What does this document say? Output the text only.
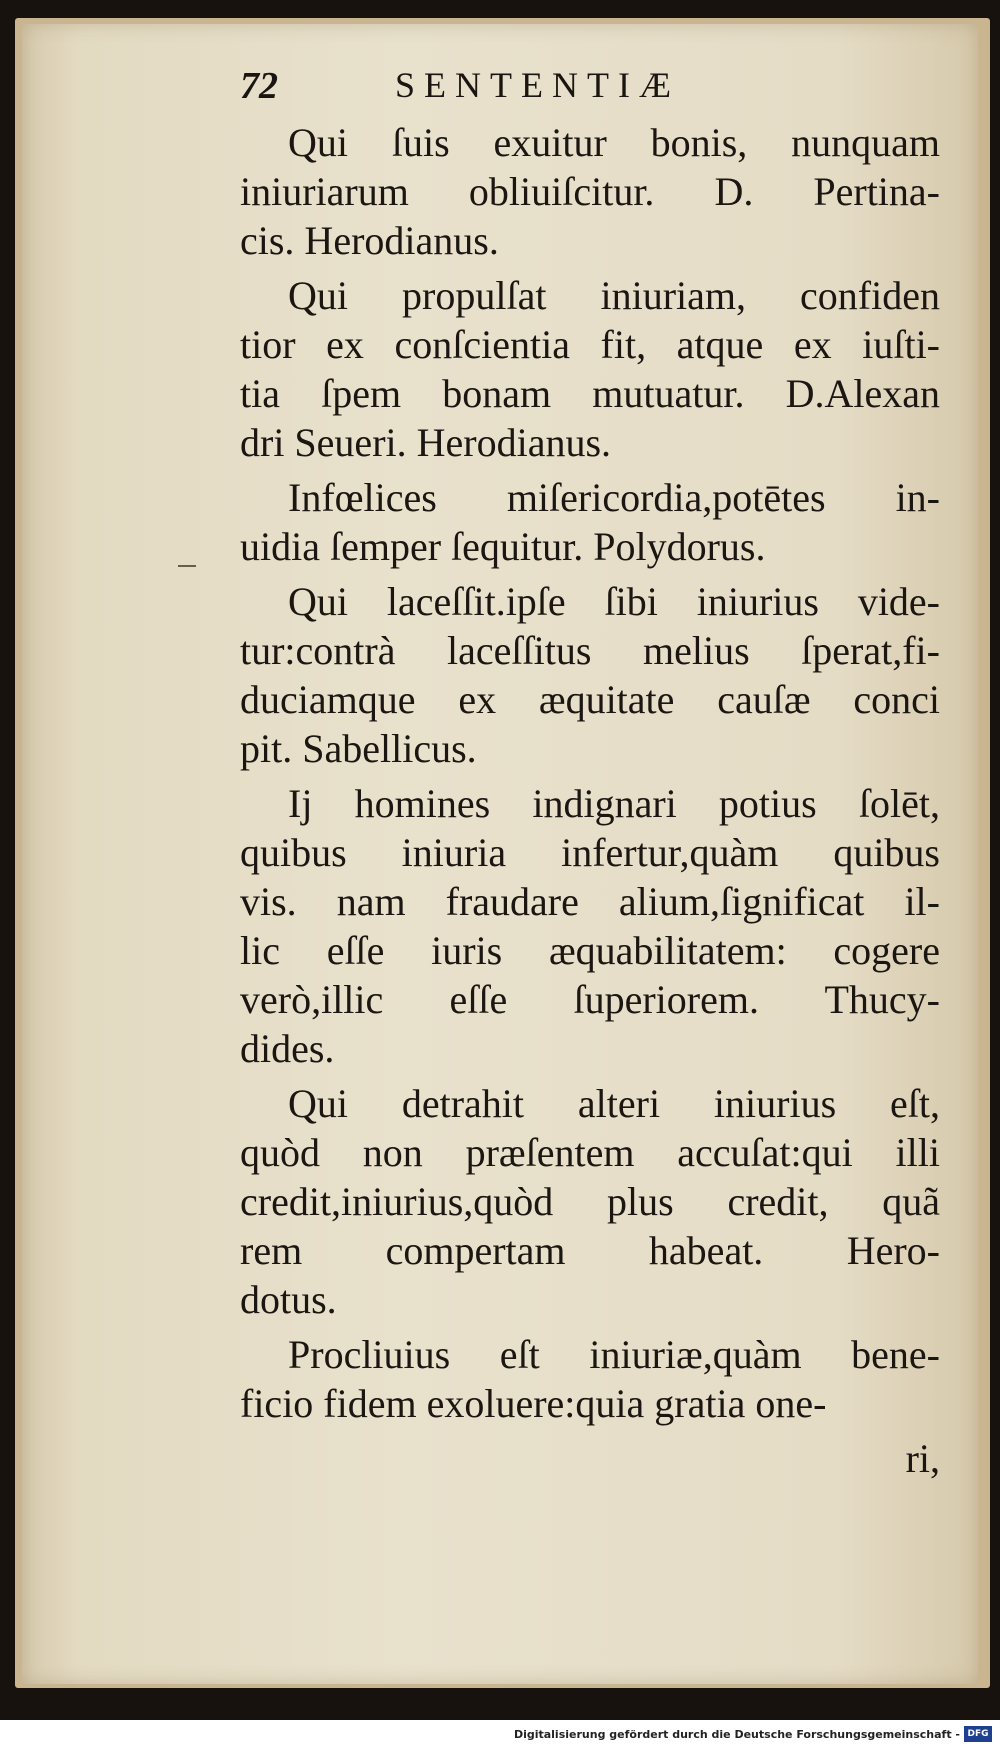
72	SENTENTIÆ
Qui ſuis exuitur bonis, nunquam
iniuriarum obliuiſcitur. D. Pertina-
cis. Herodianus.
Qui propulſat iniuriam, confiden
tior ex conſcientia fit, atque ex iuſti-
tia ſpem bonam mutuatur. D.Alexan
dri Seueri. Herodianus.
Infœlices miſericordia,potētes in-
uidia ſemper ſequitur. Polydorus.
Qui laceſſit.ipſe ſibi iniurius vide-
tur:contrà laceſſitus melius ſperat,fi-
duciamque ex æquitate cauſæ conci
pit. Sabellicus.
Ij homines indignari potius ſolēt,
quibus iniuria infertur,quàm quibus
vis. nam fraudare alium,ſignificat il-
lic eſſe iuris æquabilitatem: cogere
verò,illic eſſe ſuperiorem. Thucy-
dides.
Qui detrahit alteri iniurius eſt,
quòd non præſentem accuſat:qui illi
credit,iniurius,quòd plus credit, quã
rem compertam habeat. Hero-
dotus.
Procliuius eſt iniuriæ,quàm bene-
ficio fidem exoluere:quia gratia one-
ri,
Digitalisierung gefördert durch die Deutsche Forschungsgemeinschaft - DFG
